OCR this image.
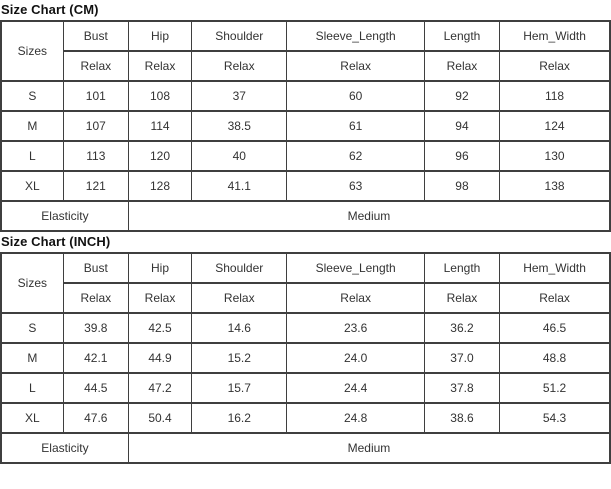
Size Chart (CM)
Sizes	Bust	Hip	Shoulder	Sleeve_Length	Length	Hem_Width
	Relax	Relax	Relax	Relax	Relax	Relax
S	101	108	37	60	92	118
M	107	114	38.5	61	94	124
L	113	120	40	62	96	130
XL	121	128	41.1	63	98	138
Elasticity		Medium				
Size Chart (INCH)
Sizes	Bust	Hip	Shoulder	Sleeve_Length	Length	Hem_Width
	Relax	Relax	Relax	Relax	Relax	Relax
S	39.8	42.5	14.6	23.6	36.2	46.5
M	42.1	44.9	15.2	24.0	37.0	48.8
L	44.5	47.2	15.7	24.4	37.8	51.2
XL	47.6	50.4	16.2	24.8	38.6	54.3
Elasticity		Medium				
